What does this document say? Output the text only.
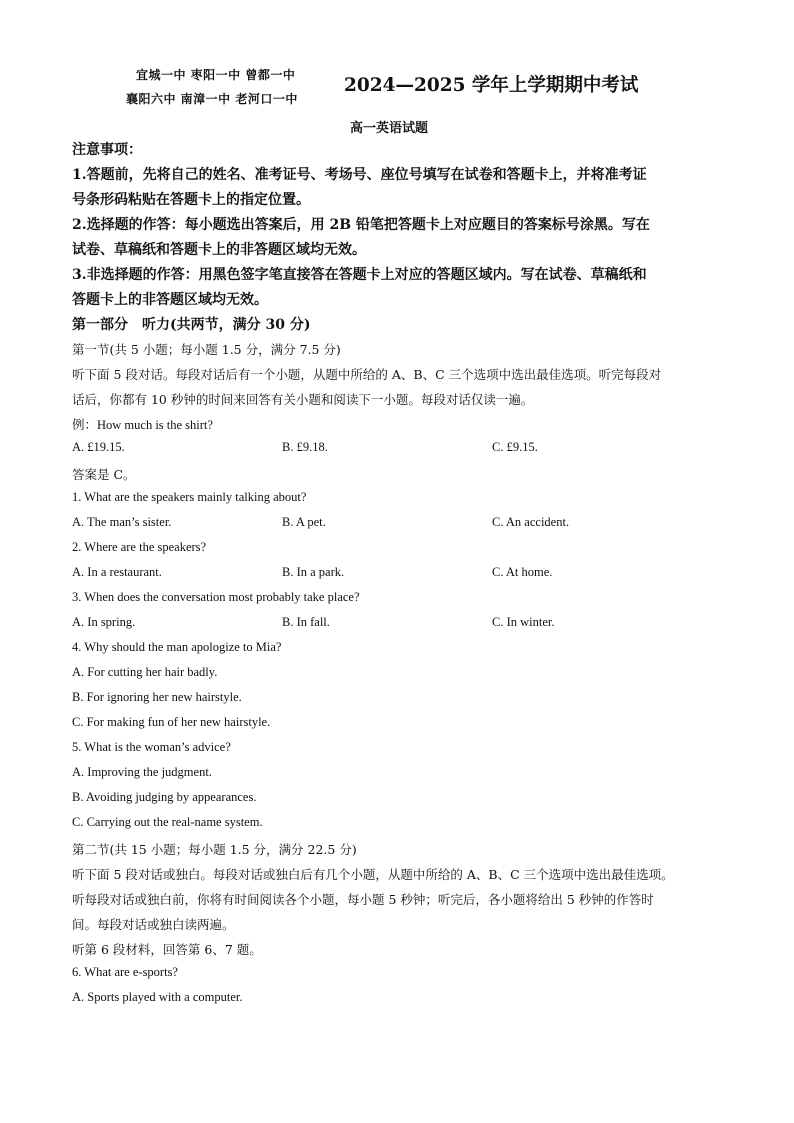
宜城一中 枣阳一中 曾都一中
襄阳六中 南漳一中 老河口一中
2024—2025 学年上学期期中考试
高一英语试题
注意事项：
1.答题前，先将自己的姓名、准考证号、考场号、座位号填写在试卷和答题卡上，并将准考证
号条形码粘贴在答题卡上的指定位置。
2.选择题的作答：每小题选出答案后，用 2B 铅笔把答题卡上对应题目的答案标号涂黑。写在
试卷、草稿纸和答题卡上的非答题区域均无效。
3.非选择题的作答：用黑色签字笔直接答在答题卡上对应的答题区域内。写在试卷、草稿纸和
答题卡上的非答题区域均无效。
第一部分　听力(共两节，满分 30 分)
第一节(共 5 小题；每小题 1.5 分，满分 7.5 分)
听下面 5 段对话。每段对话后有一个小题，从题中所给的 A、B、C 三个选项中选出最佳选项。听完每段对
话后，你都有 10 秒钟的时间来回答有关小题和阅读下一小题。每段对话仅读一遍。
例：How much is the shirt?
A. £19.15.	B. £9.18.	C. £9.15.
答案是 C。
1. What are the speakers mainly talking about?
A. The man’s sister.	B. A pet.	C. An accident.
2. Where are the speakers?
A. In a restaurant.	B. In a park.	C. At home.
3. When does the conversation most probably take place?
A. In spring.	B. In fall.	C. In winter.
4. Why should the man apologize to Mia?
A. For cutting her hair badly.
B. For ignoring her new hairstyle.
C. For making fun of her new hairstyle.
5. What is the woman’s advice?
A. Improving the judgment.
B. Avoiding judging by appearances.
C. Carrying out the real-name system.
第二节(共 15 小题；每小题 1.5 分，满分 22.5 分)
听下面 5 段对话或独白。每段对话或独白后有几个小题，从题中所给的 A、B、C 三个选项中选出最佳选项。
听每段对话或独白前，你将有时间阅读各个小题，每小题 5 秒钟；听完后，各小题将给出 5 秒钟的作答时
间。每段对话或独白读两遍。
听第 6 段材料，回答第 6、7 题。
6. What are e-sports?
A. Sports played with a computer.
